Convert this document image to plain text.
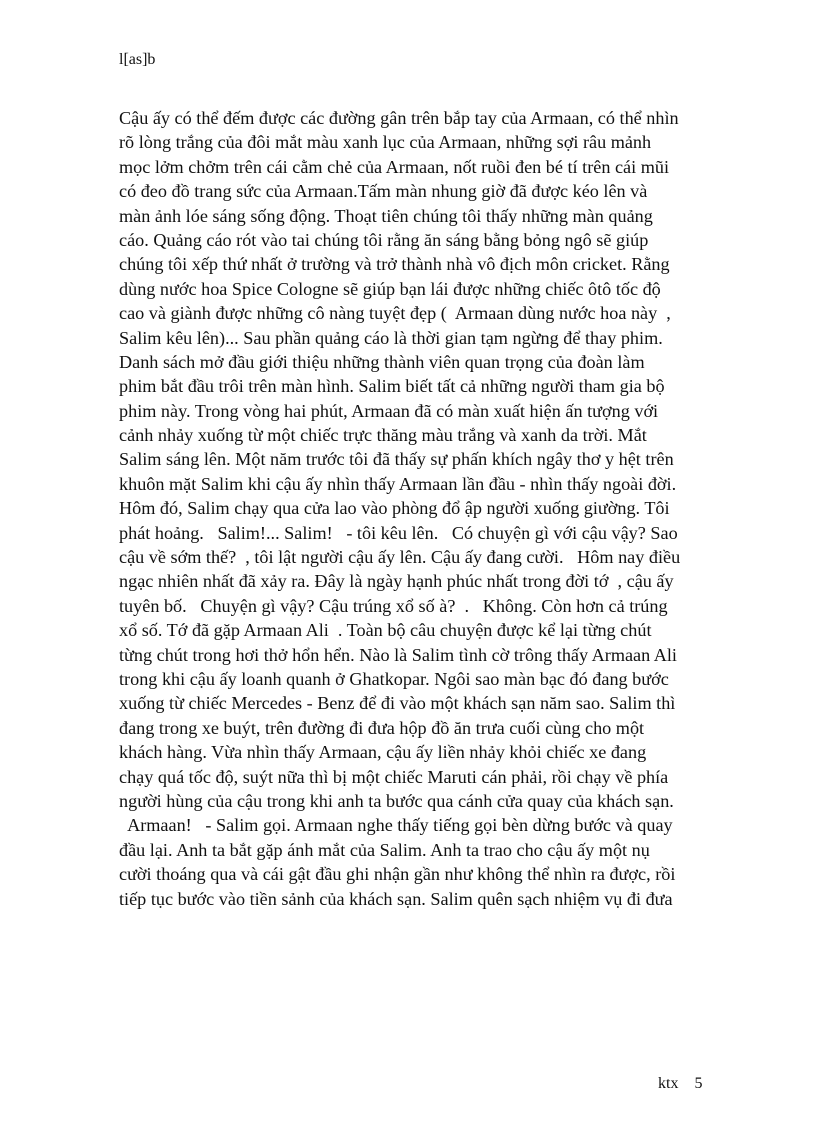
l[as]b
Cậu ấy có thể đếm được các đường gân trên bắp tay của Armaan, có thể nhìn
rõ lòng trắng của đôi mắt màu xanh lục của Armaan, những sợi râu mảnh
mọc lởm chởm trên cái cằm chẻ của Armaan, nốt ruồi đen bé tí trên cái mũi
có đeo đồ trang sức của Armaan.Tấm màn nhung giờ đã được kéo lên và
màn ảnh lóe sáng sống động. Thoạt tiên chúng tôi thấy những màn quảng
cáo. Quảng cáo rót vào tai chúng tôi rằng ăn sáng bằng bỏng ngô sẽ giúp
chúng tôi xếp thứ nhất ở trường và trở thành nhà vô địch môn cricket. Rằng
dùng nước hoa Spice Cologne sẽ giúp bạn lái được những chiếc ôtô tốc độ
cao và giành được những cô nàng tuyệt đẹp (  Armaan dùng nước hoa này  ,
Salim kêu lên)... Sau phần quảng cáo là thời gian tạm ngừng để thay phim.
Danh sách mở đầu giới thiệu những thành viên quan trọng của đoàn làm
phim bắt đầu trôi trên màn hình. Salim biết tất cả những người tham gia bộ
phim này. Trong vòng hai phút, Armaan đã có màn xuất hiện ấn tượng với
cảnh nhảy xuống từ một chiếc trực thăng màu trắng và xanh da trời. Mắt
Salim sáng lên. Một năm trước tôi đã thấy sự phấn khích ngây thơ y hệt trên
khuôn mặt Salim khi cậu ấy nhìn thấy Armaan lần đầu - nhìn thấy ngoài đời.
Hôm đó, Salim chạy qua cửa lao vào phòng đổ ập người xuống giường. Tôi
phát hoảng.   Salim!... Salim!   - tôi kêu lên.   Có chuyện gì với cậu vậy? Sao
cậu về sớm thế?  , tôi lật người cậu ấy lên. Cậu ấy đang cười.   Hôm nay điều
ngạc nhiên nhất đã xảy ra. Đây là ngày hạnh phúc nhất trong đời tớ  , cậu ấy
tuyên bố.   Chuyện gì vậy? Cậu trúng xổ số à?  .   Không. Còn hơn cả trúng
xổ số. Tớ đã gặp Armaan Ali  . Toàn bộ câu chuyện được kể lại từng chút
từng chút trong hơi thở hổn hển. Nào là Salim tình cờ trông thấy Armaan Ali
trong khi cậu ấy loanh quanh ở Ghatkopar. Ngôi sao màn bạc đó đang bước
xuống từ chiếc Mercedes - Benz để đi vào một khách sạn năm sao. Salim thì
đang trong xe buýt, trên đường đi đưa hộp đồ ăn trưa cuối cùng cho một
khách hàng. Vừa nhìn thấy Armaan, cậu ấy liền nhảy khỏi chiếc xe đang
chạy quá tốc độ, suýt nữa thì bị một chiếc Maruti cán phải, rồi chạy về phía
người hùng của cậu trong khi anh ta bước qua cánh cửa quay của khách sạn.
Armaan!   - Salim gọi. Armaan nghe thấy tiếng gọi bèn dừng bước và quay
đầu lại. Anh ta bắt gặp ánh mắt của Salim. Anh ta trao cho cậu ấy một nụ
cười thoáng qua và cái gật đầu ghi nhận gần như không thể nhìn ra được, rồi
tiếp tục bước vào tiền sảnh của khách sạn. Salim quên sạch nhiệm vụ đi đưa

ktx 5
